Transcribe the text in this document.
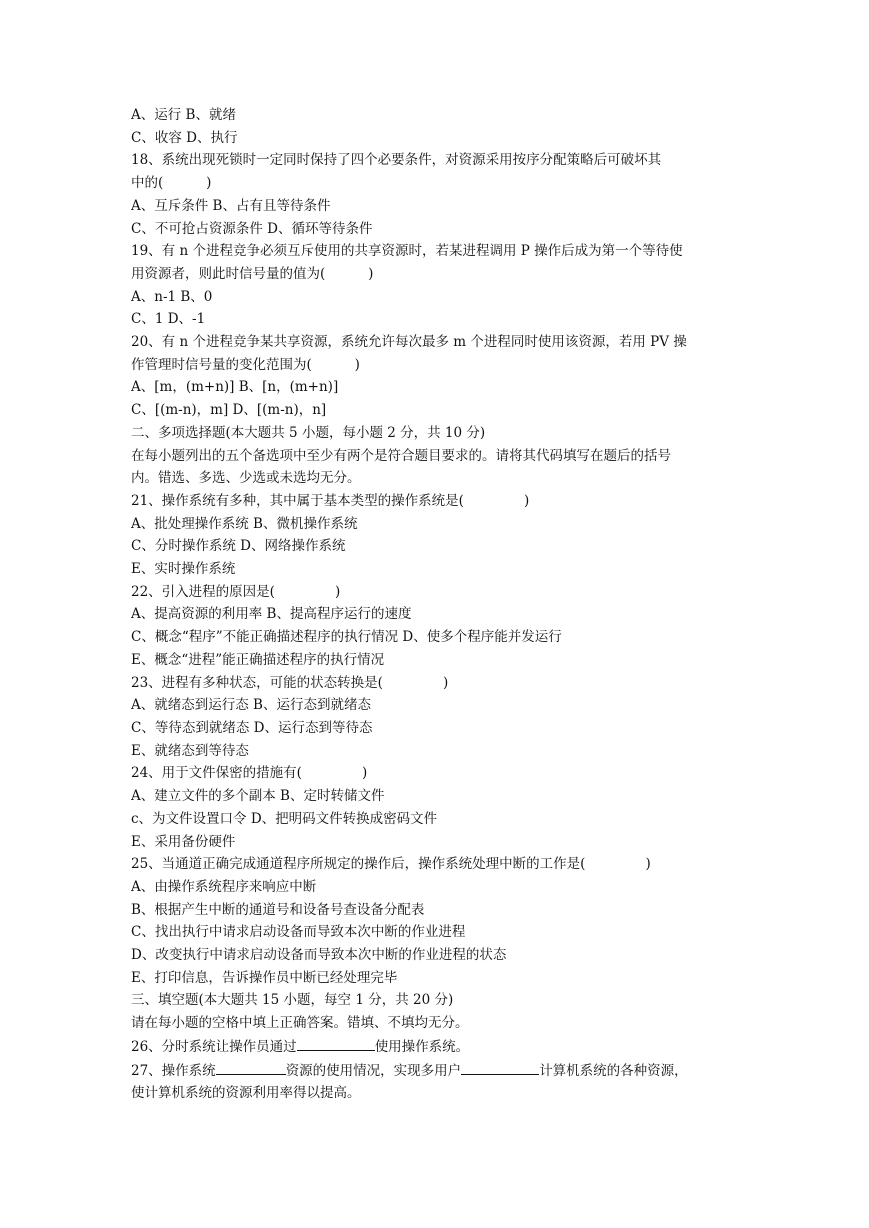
A、运行 B、就绪
C、收容 D、执行
18、系统出现死锁时一定同时保持了四个必要条件，对资源采用按序分配策略后可破坏其
中的(          )
A、互斥条件 B、占有且等待条件
C、不可抢占资源条件 D、循环等待条件
19、有 n 个进程竞争必须互斥使用的共享资源时，若某进程调用 P 操作后成为第一个等待使
用资源者，则此时信号量的值为(          )
A、n-1 B、0
C、1 D、-1
20、有 n 个进程竞争某共享资源，系统允许每次最多 m 个进程同时使用该资源，若用 PV 操
作管理时信号量的变化范围为(          )
A、[m，(m+n)] B、[n，(m+n)]
C、[(m-n)，m] D、[(m-n)，n]
二、多项选择题(本大题共 5 小题，每小题 2 分，共 10 分)
在每小题列出的五个备选项中至少有两个是符合题目要求的。请将其代码填写在题后的括号
内。错选、多选、少选或未选均无分。
21、操作系统有多种，其中属于基本类型的操作系统是(              )
A、批处理操作系统 B、微机操作系统
C、分时操作系统 D、网络操作系统
E、实时操作系统
22、引入进程的原因是(              )
A、提高资源的利用率 B、提高程序运行的速度
C、概念“程序”不能正确描述程序的执行情况 D、使多个程序能并发运行
E、概念“进程”能正确描述程序的执行情况
23、进程有多种状态，可能的状态转换是(              )
A、就绪态到运行态 B、运行态到就绪态
C、等待态到就绪态 D、运行态到等待态
E、就绪态到等待态
24、用于文件保密的措施有(              )
A、建立文件的多个副本 B、定时转储文件
c、为文件设置口令 D、把明码文件转换成密码文件
E、采用备份硬件
25、当通道正确完成通道程序所规定的操作后，操作系统处理中断的工作是(              )
A、由操作系统程序来响应中断
B、根据产生中断的通道号和设备号查设备分配表
C、找出执行中请求启动设备而导致本次中断的作业进程
D、改变执行中请求启动设备而导致本次中断的作业进程的状态
E、打印信息，告诉操作员中断已经处理完毕
三、填空题(本大题共 15 小题，每空 1 分，共 20 分)
请在每小题的空格中填上正确答案。错填、不填均无分。
26、分时系统让操作员通过	使用操作系统。
27、操作系统	资源的使用情况，实现多用户	计算机系统的各种资源，
使计算机系统的资源利用率得以提高。
